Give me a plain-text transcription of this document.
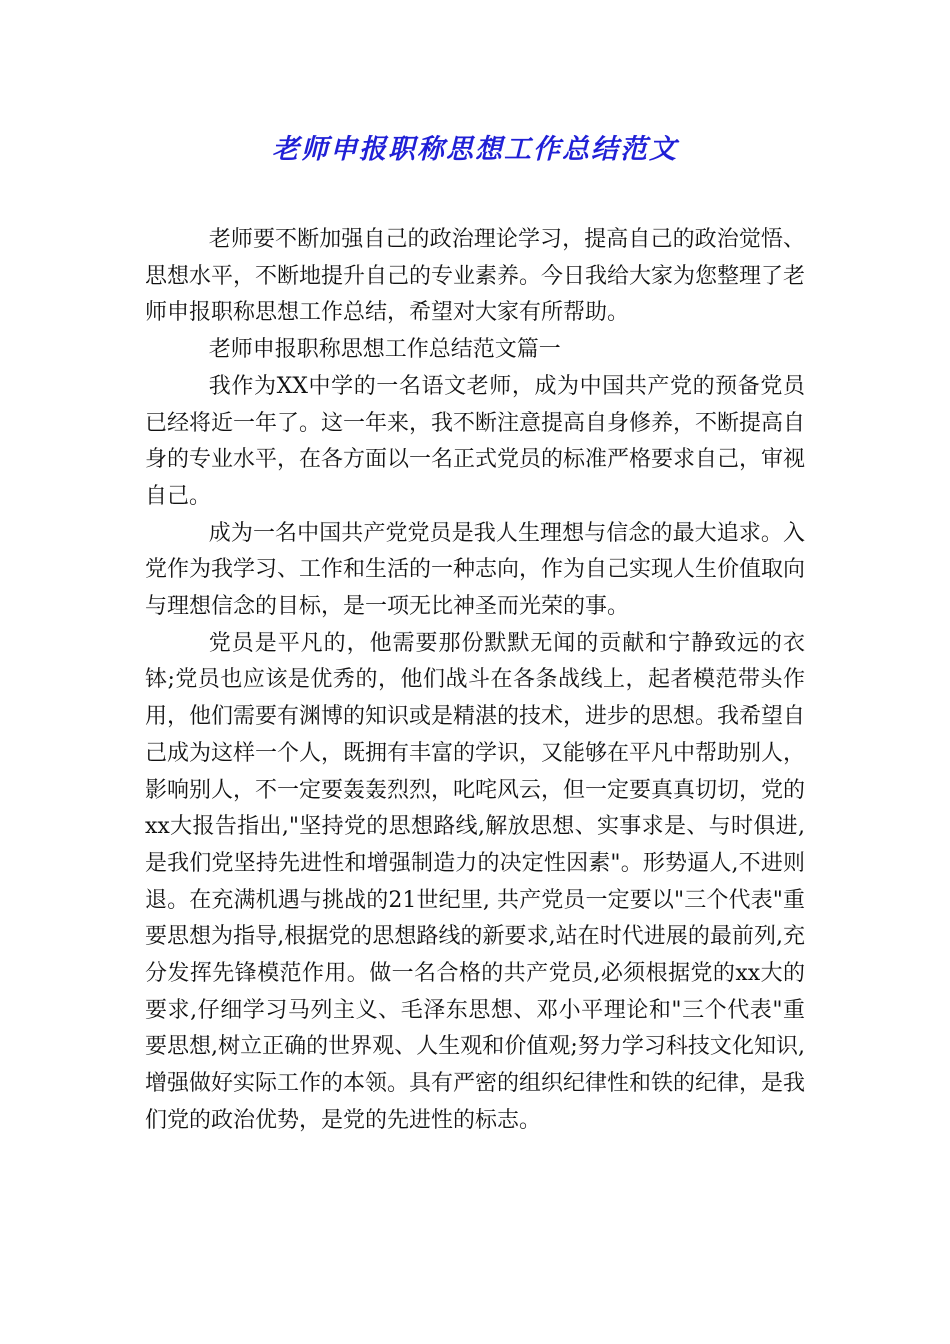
老师申报职称思想工作总结范文

老师要不断加强自己的政治理论学习，提高自己的政治觉悟、思想水平，不断地提升自己的专业素养。今日我给大家为您整理了老师申报职称思想工作总结，希望对大家有所帮助。

老师申报职称思想工作总结范文篇一

我作为XX中学的一名语文老师，成为中国共产党的预备党员已经将近一年了。这一年来，我不断注意提高自身修养，不断提高自身的专业水平，在各方面以一名正式党员的标准严格要求自己，审视自己。

成为一名中国共产党党员是我人生理想与信念的最大追求。入党作为我学习、工作和生活的一种志向，作为自己实现人生价值取向与理想信念的目标，是一项无比神圣而光荣的事。

党员是平凡的，他需要那份默默无闻的贡献和宁静致远的衣钵;党员也应该是优秀的，他们战斗在各条战线上，起者模范带头作用，他们需要有渊博的知识或是精湛的技术，进步的思想。我希望自己成为这样一个人，既拥有丰富的学识，又能够在平凡中帮助别人，影响别人，不一定要轰轰烈烈，叱咤风云，但一定要真真切切，党的xx大报告指出,"坚持党的思想路线,解放思想、实事求是、与时俱进,是我们党坚持先进性和增强制造力的决定性因素"。形势逼人,不进则退。在充满机遇与挑战的21世纪里, 共产党员一定要以"三个代表"重要思想为指导,根据党的思想路线的新要求,站在时代进展的最前列,充分发挥先锋模范作用。做一名合格的共产党员,必须根据党的xx大的要求,仔细学习马列主义、毛泽东思想、邓小平理论和"三个代表"重要思想,树立正确的世界观、人生观和价值观;努力学习科技文化知识,增强做好实际工作的本领。具有严密的组织纪律性和铁的纪律，是我们党的政治优势，是党的先进性的标志。
